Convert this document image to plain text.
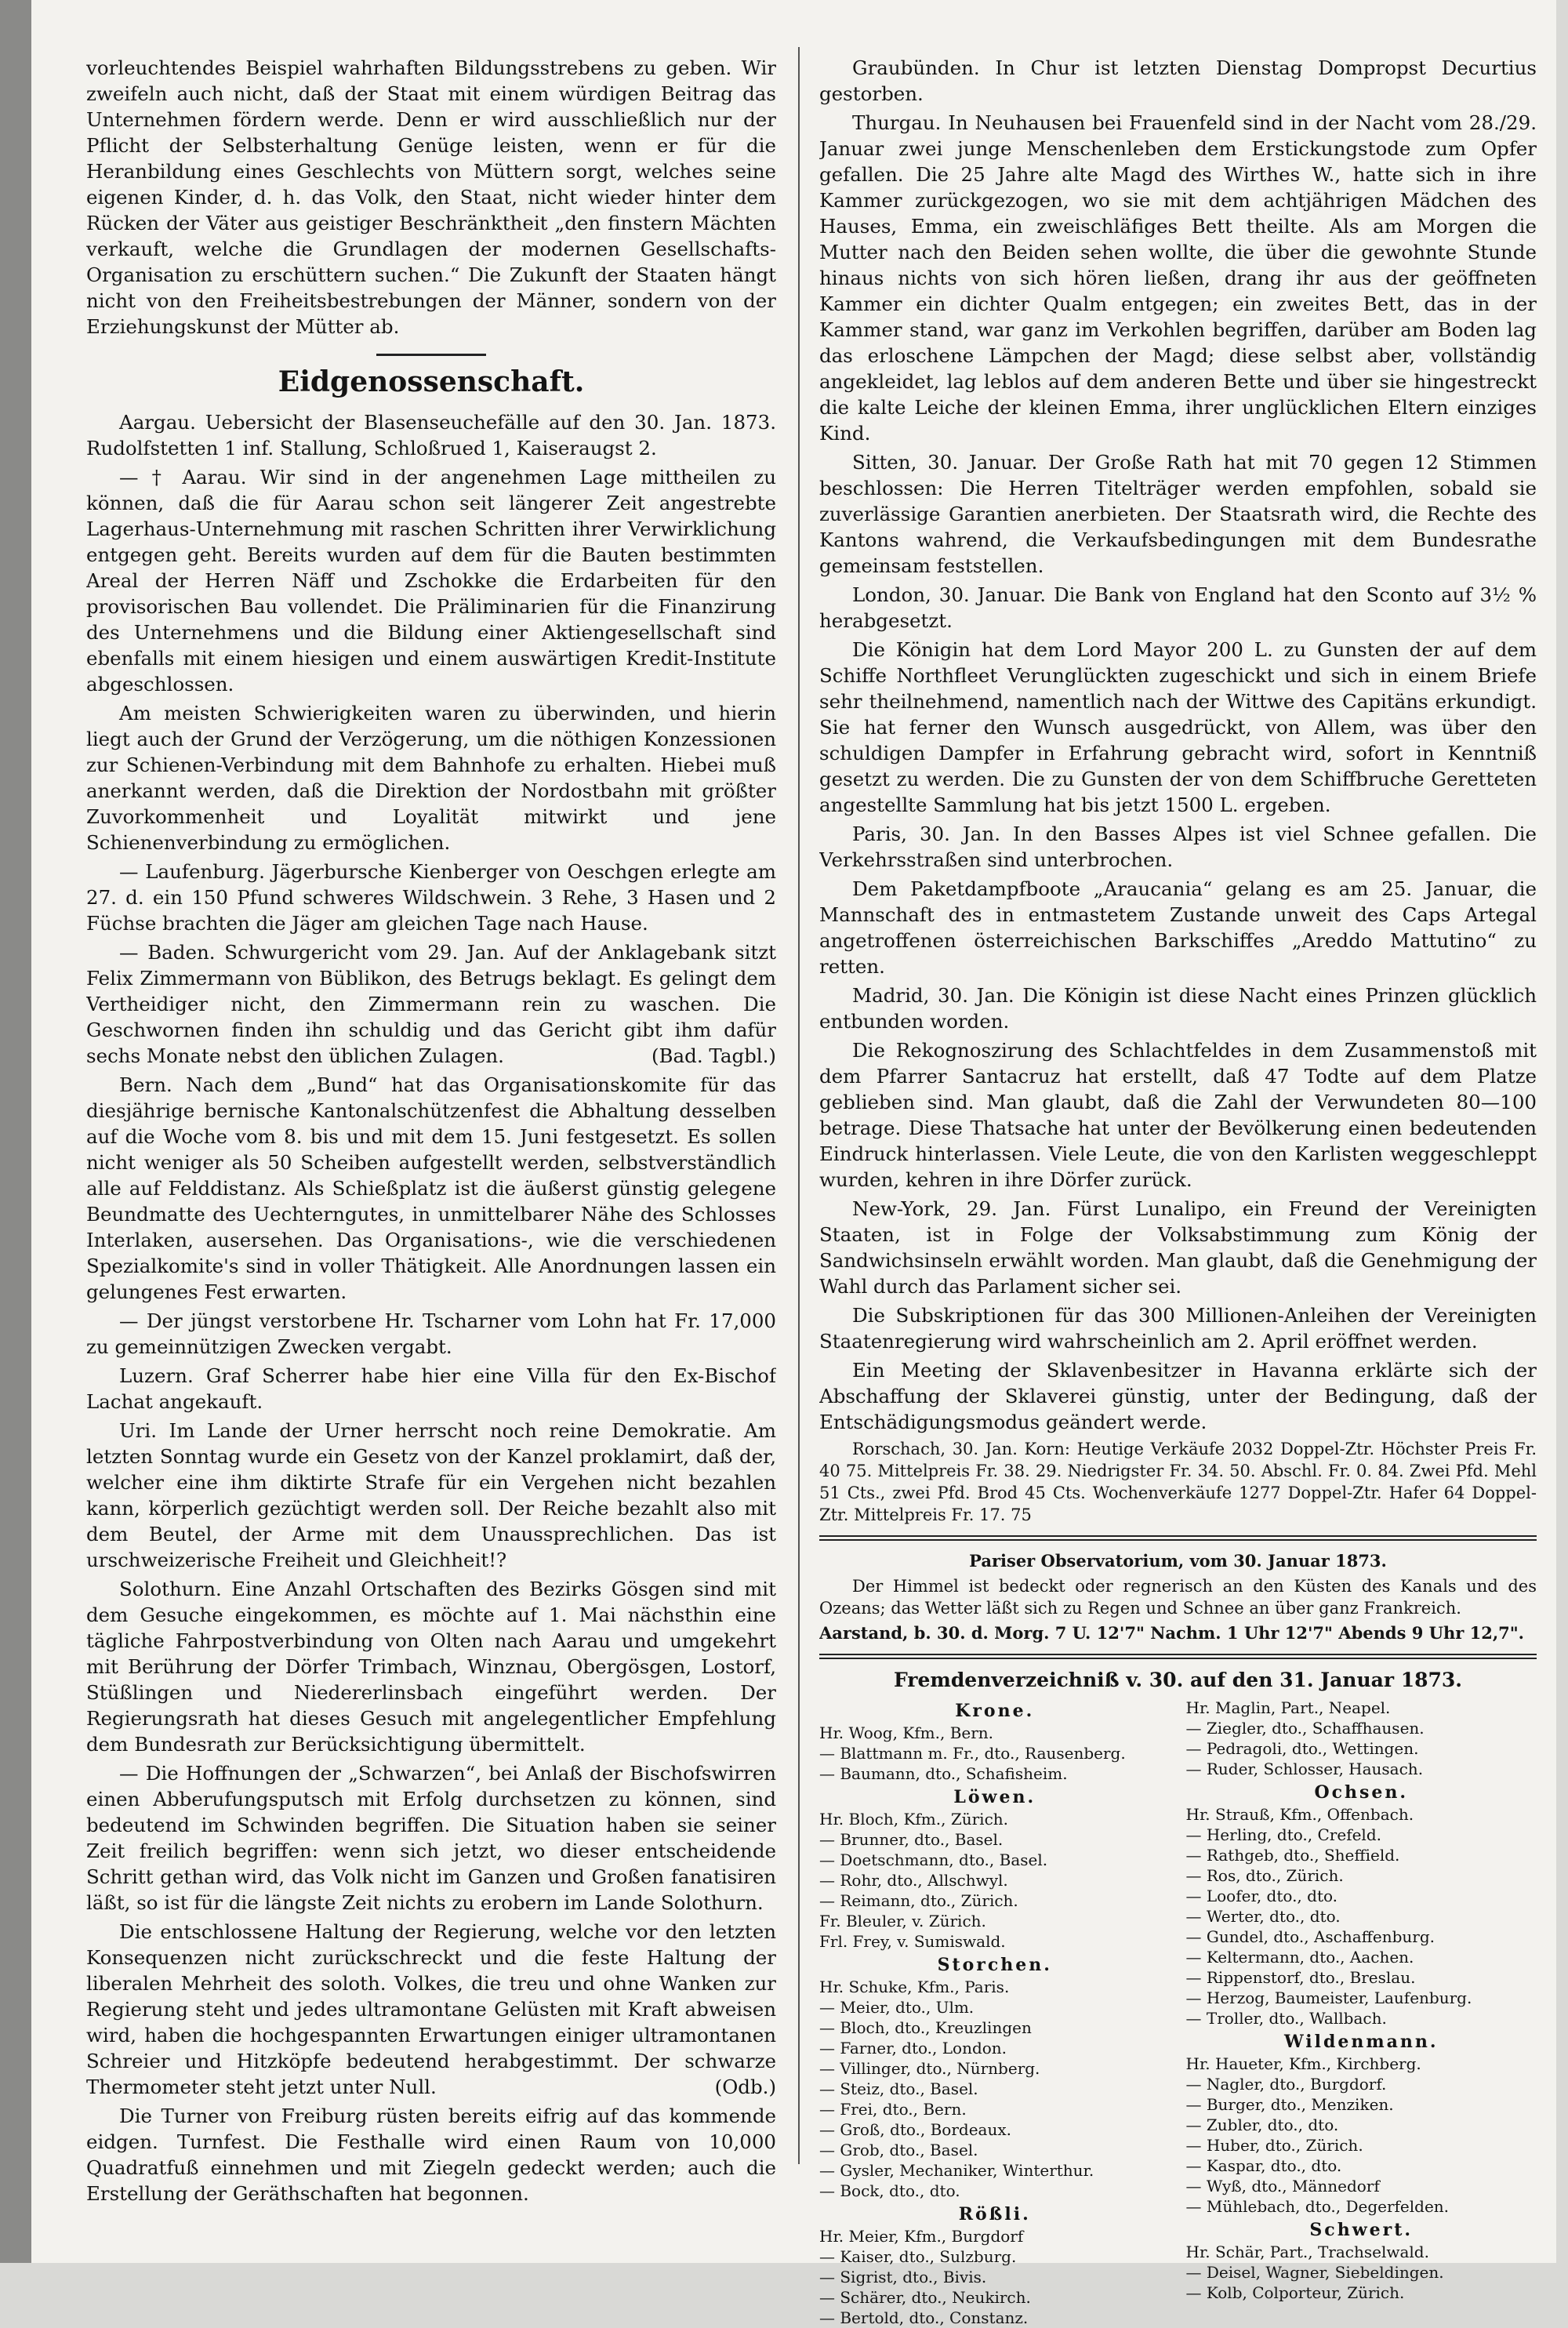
vorleuchtendes Beispiel wahrhaften Bildungsstrebens zu geben. Wir zweifeln auch nicht, daß der Staat mit einem würdigen Beitrag das Unternehmen fördern werde. Denn er wird ausschließlich nur der Pflicht der Selbsterhaltung Genüge leisten, wenn er für die Heranbildung eines Geschlechts von Müttern sorgt, welches seine eigenen Kinder, d. h. das Volk, den Staat, nicht wieder hinter dem Rücken der Väter aus geistiger Beschränktheit „den finstern Mächten verkauft, welche die Grundlagen der modernen Gesellschafts-Organisation zu erschüttern suchen.“ Die Zukunft der Staaten hängt nicht von den Freiheitsbestrebungen der Männer, sondern von der Erziehungskunst der Mütter ab.

Eidgenossenschaft.

Aargau. Uebersicht der Blasenseuchefälle auf den 30. Jan. 1873. Rudolfstetten 1 inf. Stallung, Schloßrued 1, Kaiseraugst 2.

— † Aarau. Wir sind in der angenehmen Lage mittheilen zu können, daß die für Aarau schon seit längerer Zeit angestrebte Lagerhaus-Unternehmung mit raschen Schritten ihrer Verwirklichung entgegen geht. Bereits wurden auf dem für die Bauten bestimmten Areal der Herren Näff und Zschokke die Erdarbeiten für den provisorischen Bau vollendet. Die Präliminarien für die Finanzirung des Unternehmens und die Bildung einer Aktiengesellschaft sind ebenfalls mit einem hiesigen und einem auswärtigen Kredit-Institute abgeschlossen.

Am meisten Schwierigkeiten waren zu überwinden, und hierin liegt auch der Grund der Verzögerung, um die nöthigen Konzessionen zur Schienen-Verbindung mit dem Bahnhofe zu erhalten. Hiebei muß anerkannt werden, daß die Direktion der Nordostbahn mit größter Zuvorkommenheit und Loyalität mitwirkt und jene Schienenverbindung zu ermöglichen.

— Laufenburg. Jägerbursche Kienberger von Oeschgen erlegte am 27. d. ein 150 Pfund schweres Wildschwein. 3 Rehe, 3 Hasen und 2 Füchse brachten die Jäger am gleichen Tage nach Hause.

— Baden. Schwurgericht vom 29. Jan. Auf der Anklagebank sitzt Felix Zimmermann von Büblikon, des Betrugs beklagt. Es gelingt dem Vertheidiger nicht, den Zimmermann rein zu waschen. Die Geschwornen finden ihn schuldig und das Gericht gibt ihm dafür sechs Monate nebst den üblichen Zulagen.	(Bad. Tagbl.)

Bern. Nach dem „Bund“ hat das Organisationskomite für das diesjährige bernische Kantonalschützenfest die Abhaltung desselben auf die Woche vom 8. bis und mit dem 15. Juni festgesetzt. Es sollen nicht weniger als 50 Scheiben aufgestellt werden, selbstverständlich alle auf Felddistanz. Als Schießplatz ist die äußerst günstig gelegene Beundmatte des Uechterngutes, in unmittelbarer Nähe des Schlosses Interlaken, ausersehen. Das Organisations-, wie die verschiedenen Spezialkomite's sind in voller Thätigkeit. Alle Anordnungen lassen ein gelungenes Fest erwarten.

— Der jüngst verstorbene Hr. Tscharner vom Lohn hat Fr. 17,000 zu gemeinnützigen Zwecken vergabt.

Luzern. Graf Scherrer habe hier eine Villa für den Ex-Bischof Lachat angekauft.

Uri. Im Lande der Urner herrscht noch reine Demokratie. Am letzten Sonntag wurde ein Gesetz von der Kanzel proklamirt, daß der, welcher eine ihm diktirte Strafe für ein Vergehen nicht bezahlen kann, körperlich gezüchtigt werden soll. Der Reiche bezahlt also mit dem Beutel, der Arme mit dem Unaussprechlichen. Das ist urschweizerische Freiheit und Gleichheit!?

Solothurn. Eine Anzahl Ortschaften des Bezirks Gösgen sind mit dem Gesuche eingekommen, es möchte auf 1. Mai nächsthin eine tägliche Fahrpostverbindung von Olten nach Aarau und umgekehrt mit Berührung der Dörfer Trimbach, Winznau, Obergösgen, Lostorf, Stüßlingen und Niedererlinsbach eingeführt werden. Der Regierungsrath hat dieses Gesuch mit angelegentlicher Empfehlung dem Bundesrath zur Berücksichtigung übermittelt.

— Die Hoffnungen der „Schwarzen“, bei Anlaß der Bischofswirren einen Abberufungsputsch mit Erfolg durchsetzen zu können, sind bedeutend im Schwinden begriffen. Die Situation haben sie seiner Zeit freilich begriffen: wenn sich jetzt, wo dieser entscheidende Schritt gethan wird, das Volk nicht im Ganzen und Großen fanatisiren läßt, so ist für die längste Zeit nichts zu erobern im Lande Solothurn.

Die entschlossene Haltung der Regierung, welche vor den letzten Konsequenzen nicht zurückschreckt und die feste Haltung der liberalen Mehrheit des soloth. Volkes, die treu und ohne Wanken zur Regierung steht und jedes ultramontane Gelüsten mit Kraft abweisen wird, haben die hochgespannten Erwartungen einiger ultramontanen Schreier und Hitzköpfe bedeutend herabgestimmt. Der schwarze Thermometer steht jetzt unter Null.	(Odb.)

Die Turner von Freiburg rüsten bereits eifrig auf das kommende eidgen. Turnfest. Die Festhalle wird einen Raum von 10,000 Quadratfuß einnehmen und mit Ziegeln gedeckt werden; auch die Erstellung der Geräthschaften hat begonnen.

Graubünden. In Chur ist letzten Dienstag Dompropst Decurtius gestorben.

Thurgau. In Neuhausen bei Frauenfeld sind in der Nacht vom 28./29. Januar zwei junge Menschenleben dem Erstickungstode zum Opfer gefallen. Die 25 Jahre alte Magd des Wirthes W., hatte sich in ihre Kammer zurückgezogen, wo sie mit dem achtjährigen Mädchen des Hauses, Emma, ein zweischläfiges Bett theilte. Als am Morgen die Mutter nach den Beiden sehen wollte, die über die gewohnte Stunde hinaus nichts von sich hören ließen, drang ihr aus der geöffneten Kammer ein dichter Qualm entgegen; ein zweites Bett, das in der Kammer stand, war ganz im Verkohlen begriffen, darüber am Boden lag das erloschene Lämpchen der Magd; diese selbst aber, vollständig angekleidet, lag leblos auf dem anderen Bette und über sie hingestreckt die kalte Leiche der kleinen Emma, ihrer unglücklichen Eltern einziges Kind.

Sitten, 30. Januar. Der Große Rath hat mit 70 gegen 12 Stimmen beschlossen: Die Herren Titelträger werden empfohlen, sobald sie zuverlässige Garantien anerbieten. Der Staatsrath wird, die Rechte des Kantons wahrend, die Verkaufsbedingungen mit dem Bundesrathe gemeinsam feststellen.

London, 30. Januar. Die Bank von England hat den Sconto auf 3½ % herabgesetzt.

Die Königin hat dem Lord Mayor 200 L. zu Gunsten der auf dem Schiffe Northfleet Verunglückten zugeschickt und sich in einem Briefe sehr theilnehmend, namentlich nach der Wittwe des Capitäns erkundigt. Sie hat ferner den Wunsch ausgedrückt, von Allem, was über den schuldigen Dampfer in Erfahrung gebracht wird, sofort in Kenntniß gesetzt zu werden. Die zu Gunsten der von dem Schiffbruche Geretteten angestellte Sammlung hat bis jetzt 1500 L. ergeben.

Paris, 30. Jan. In den Basses Alpes ist viel Schnee gefallen. Die Verkehrsstraßen sind unterbrochen.

Dem Paketdampfboote „Araucania“ gelang es am 25. Januar, die Mannschaft des in entmastetem Zustande unweit des Caps Artegal angetroffenen österreichischen Barkschiffes „Areddo Mattutino“ zu retten.

Madrid, 30. Jan. Die Königin ist diese Nacht eines Prinzen glücklich entbunden worden.

Die Rekognoszirung des Schlachtfeldes in dem Zusammenstoß mit dem Pfarrer Santacruz hat erstellt, daß 47 Todte auf dem Platze geblieben sind. Man glaubt, daß die Zahl der Verwundeten 80—100 betrage. Diese Thatsache hat unter der Bevölkerung einen bedeutenden Eindruck hinterlassen. Viele Leute, die von den Karlisten weggeschleppt wurden, kehren in ihre Dörfer zurück.

New-York, 29. Jan. Fürst Lunalipo, ein Freund der Vereinigten Staaten, ist in Folge der Volksabstimmung zum König der Sandwichsinseln erwählt worden. Man glaubt, daß die Genehmigung der Wahl durch das Parlament sicher sei.

Die Subskriptionen für das 300 Millionen-Anleihen der Vereinigten Staatenregierung wird wahrscheinlich am 2. April eröffnet werden.

Ein Meeting der Sklavenbesitzer in Havanna erklärte sich der Abschaffung der Sklaverei günstig, unter der Bedingung, daß der Entschädigungsmodus geändert werde.

Rorschach, 30. Jan. Korn: Heutige Verkäufe 2032 Doppel-Ztr. Höchster Preis Fr. 40 75. Mittelpreis Fr. 38. 29. Niedrigster Fr. 34. 50. Abschl. Fr. 0. 84. Zwei Pfd. Mehl 51 Cts., zwei Pfd. Brod 45 Cts. Wochenverkäufe 1277 Doppel-Ztr. Hafer 64 Doppel-Ztr. Mittelpreis Fr. 17. 75

Pariser Observatorium, vom 30. Januar 1873.

Der Himmel ist bedeckt oder regnerisch an den Küsten des Kanals und des Ozeans; das Wetter läßt sich zu Regen und Schnee an über ganz Frankreich.

Aarstand, b. 30. d. Morg. 7 U. 12'7" Nachm. 1 Uhr 12'7" Abends 9 Uhr 12,7".

Fremdenverzeichniß v. 30. auf den 31. Januar 1873.
Krone.
Hr. Woog, Kfm., Bern.
— Blattmann m. Fr., dto., Rausenberg.
— Baumann, dto., Schafisheim.
Löwen.
Hr. Bloch, Kfm., Zürich.
— Brunner, dto., Basel.
— Doetschmann, dto., Basel.
— Rohr, dto., Allschwyl.
— Reimann, dto., Zürich.
Fr. Bleuler, v. Zürich.
Frl. Frey, v. Sumiswald.
Storchen.
Hr. Schuke, Kfm., Paris.
— Meier, dto., Ulm.
— Bloch, dto., Kreuzlingen
— Farner, dto., London.
— Villinger, dto., Nürnberg.
— Steiz, dto., Basel.
— Frei, dto., Bern.
— Groß, dto., Bordeaux.
— Grob, dto., Basel.
— Gysler, Mechaniker, Winterthur.
— Bock, dto., dto.
Rößli.
Hr. Meier, Kfm., Burgdorf
— Kaiser, dto., Sulzburg.
— Sigrist, dto., Bivis.
— Schärer, dto., Neukirch.
— Bertold, dto., Constanz.
Hr. Maglin, Part., Neapel.
— Ziegler, dto., Schaffhausen.
— Pedragoli, dto., Wettingen.
— Ruder, Schlosser, Hausach.
Ochsen.
Hr. Strauß, Kfm., Offenbach.
— Herling, dto., Crefeld.
— Rathgeb, dto., Sheffield.
— Ros, dto., Zürich.
— Loofer, dto., dto.
— Werter, dto., dto.
— Gundel, dto., Aschaffenburg.
— Keltermann, dto., Aachen.
— Rippenstorf, dto., Breslau.
— Herzog, Baumeister, Laufenburg.
— Troller, dto., Wallbach.
Wildenmann.
Hr. Haueter, Kfm., Kirchberg.
— Nagler, dto., Burgdorf.
— Burger, dto., Menziken.
— Zubler, dto., dto.
— Huber, dto., Zürich.
— Kaspar, dto., dto.
— Wyß, dto., Männedorf
— Mühlebach, dto., Degerfelden.
Schwert.
Hr. Schär, Part., Trachselwald.
— Deisel, Wagner, Siebeldingen.
— Kolb, Colporteur, Zürich.
